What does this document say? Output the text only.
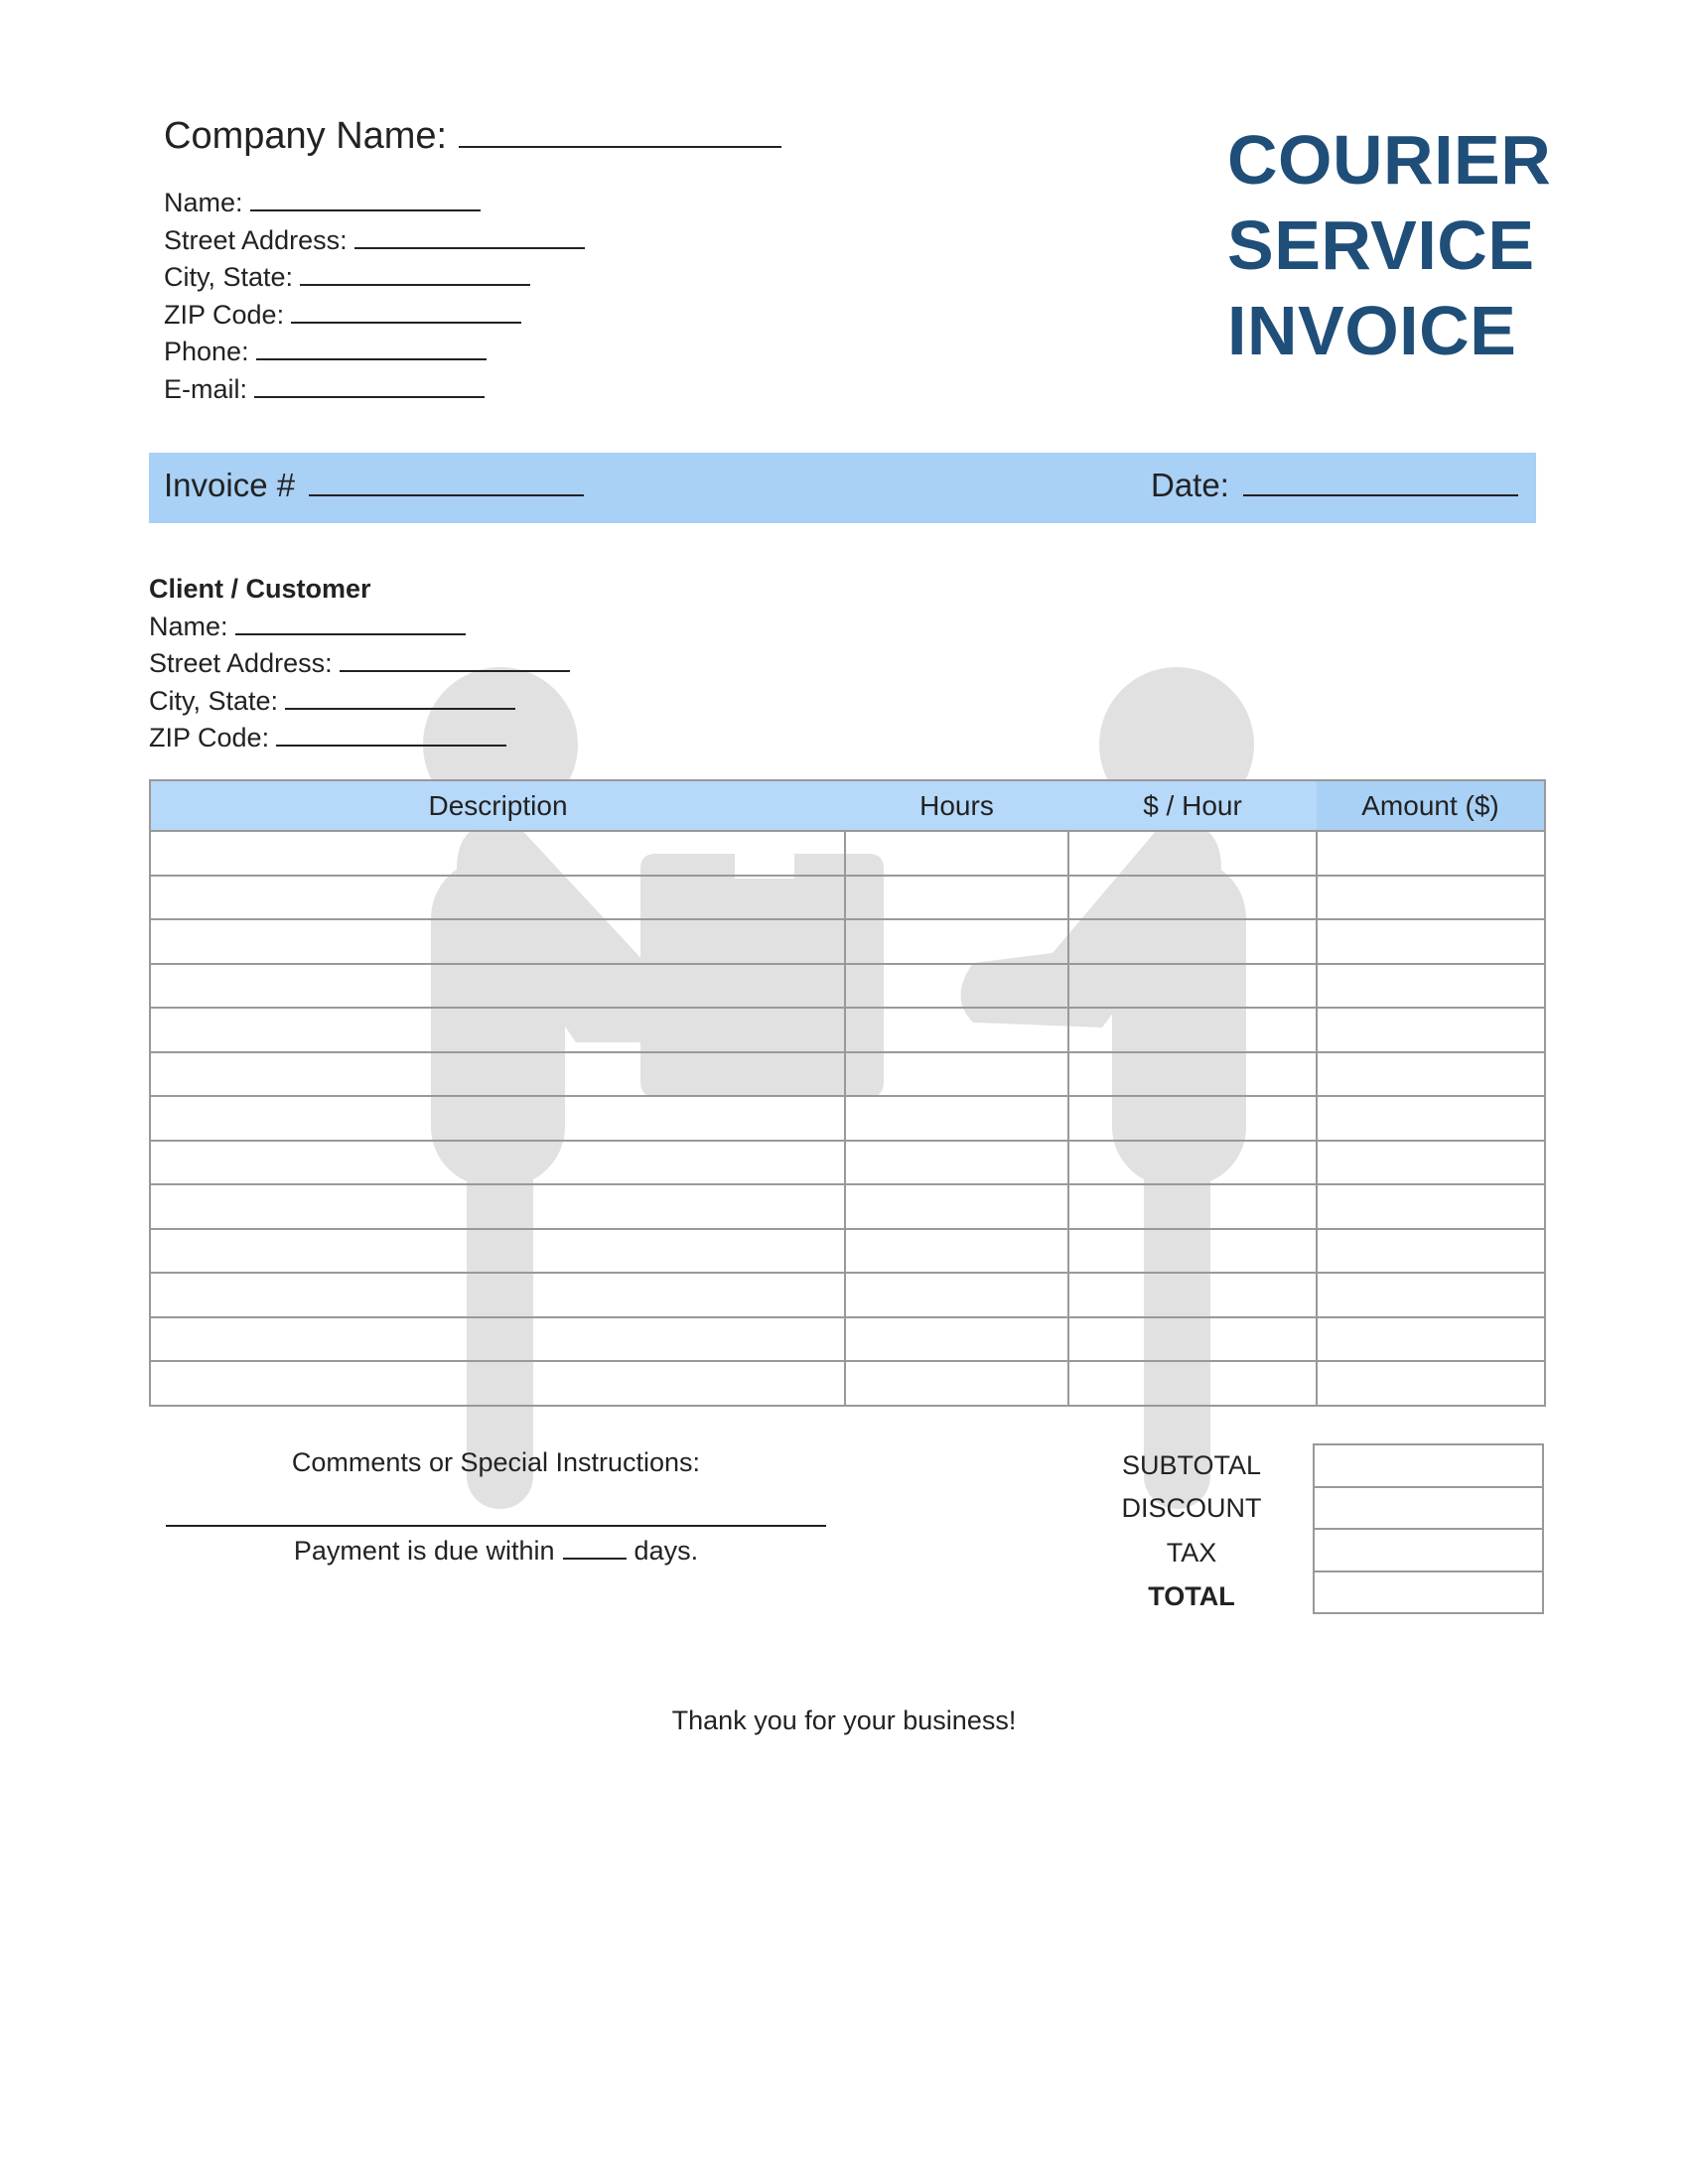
Company Name:
Name:
Street Address:
City, State:
ZIP Code:
Phone:
E-mail:
COURIER
SERVICE
INVOICE
Invoice #	Date:
Client / Customer
Name:
Street Address:
City, State:
ZIP Code:
Description	Hours	$ / Hour	Amount ($)

Comments or Special Instructions:
Payment is due within	days.
SUBTOTAL
DISCOUNT
TAX
TOTAL

Thank you for your business!
